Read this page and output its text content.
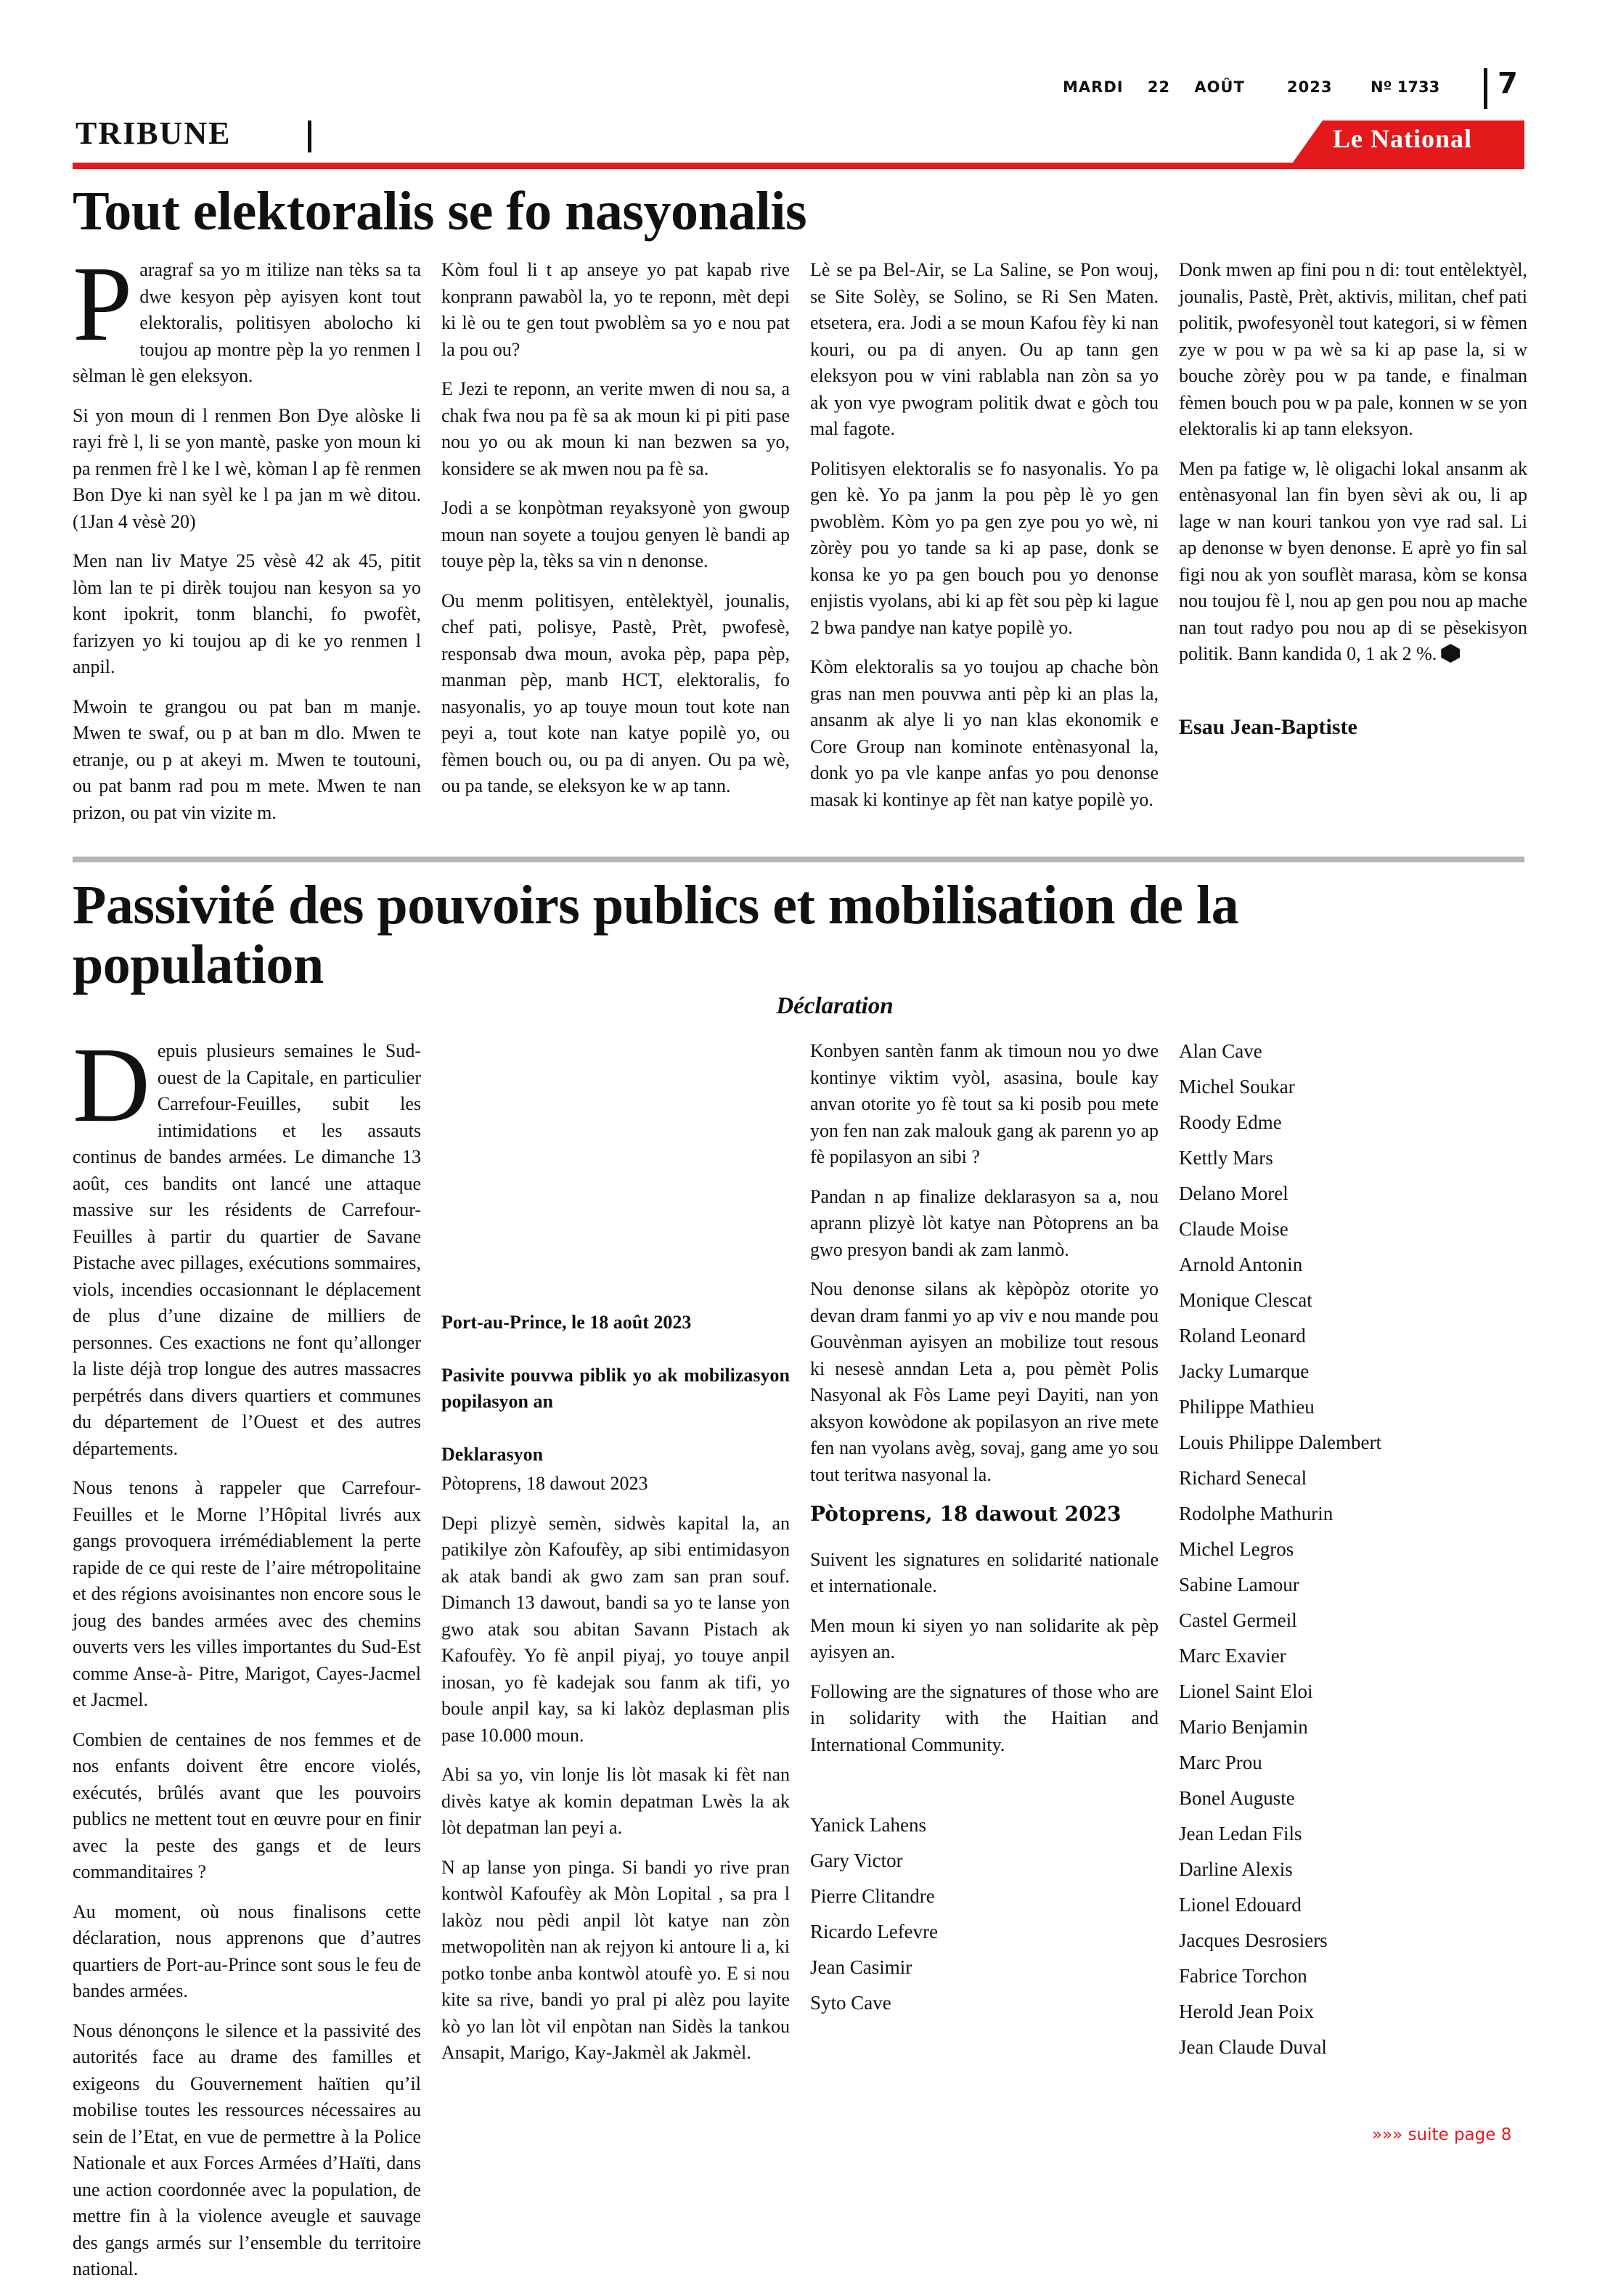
MARDI 22 AOÛT	2023	Nº 1733 7
TRIBUNE	Le National
Tout elektoralis se fo nasyonalis

Paragraf sa yo m itilize nan tèks sa ta dwe kesyon pèp ayisyen kont tout elektoralis, politisyen abolocho ki toujou ap montre pèp la yo renmen l sèlman lè gen eleksyon.

Si yon moun di l renmen Bon Dye alòske li rayi frè l, li se yon mantè, paske yon moun ki pa renmen frè l ke l wè, kòman l ap fè renmen Bon Dye ki nan syèl ke l pa jan m wè ditou. (1Jan 4 vèsè 20)

Men nan liv Matye 25 vèsè 42 ak 45, pitit lòm lan te pi dirèk toujou nan kesyon sa yo kont ipokrit, tonm blanchi, fo pwofèt, farizyen yo ki toujou ap di ke yo renmen l anpil.

Mwoin te grangou ou pat ban m manje. Mwen te swaf, ou p at ban m dlo. Mwen te etranje, ou p at akeyi m. Mwen te toutouni, ou pat banm rad pou m mete. Mwen te nan prizon, ou pat vin vizite m.

Kòm foul li t ap anseye yo pat kapab rive konprann pawabòl la, yo te reponn, mèt depi ki lè ou te gen tout pwoblèm sa yo e nou pat la pou ou?

E Jezi te reponn, an verite mwen di nou sa, a chak fwa nou pa fè sa ak moun ki pi piti pase nou yo ou ak moun ki nan bezwen sa yo, konsidere se ak mwen nou pa fè sa.

Jodi a se konpòtman reyaksyonè yon gwoup moun nan soyete a toujou genyen lè bandi ap touye pèp la, tèks sa vin n denonse.

Ou menm politisyen, entèlektyèl, jounalis, chef pati, polisye, Pastè, Prèt, pwofesè, responsab dwa moun, avoka pèp, papa pèp, manman pèp, manb HCT, elektoralis, fo nasyonalis, yo ap touye moun tout kote nan peyi a, tout kote nan katye popilè yo, ou fèmen bouch ou, ou pa di anyen. Ou pa wè, ou pa tande, se eleksyon ke w ap tann.

Lè se pa Bel-Air, se La Saline, se Pon wouj, se Site Solèy, se Solino, se Ri Sen Maten. etsetera, era. Jodi a se moun Kafou fèy ki nan kouri, ou pa di anyen. Ou ap tann gen eleksyon pou w vini rablabla nan zòn sa yo ak yon vye pwogram politik dwat e gòch tou mal fagote.

Politisyen elektoralis se fo nasyonalis. Yo pa gen kè. Yo pa janm la pou pèp lè yo gen pwoblèm. Kòm yo pa gen zye pou yo wè, ni zòrèy pou yo tande sa ki ap pase, donk se konsa ke yo pa gen bouch pou yo denonse enjistis vyolans, abi ki ap fèt sou pèp ki lague 2 bwa pandye nan katye popilè yo.

Kòm elektoralis sa yo toujou ap chache bòn gras nan men pouvwa anti pèp ki an plas la, ansanm ak alye li yo nan klas ekonomik e Core Group nan kominote entènasyonal la, donk yo pa vle kanpe anfas yo pou denonse masak ki kontinye ap fèt nan katye popilè yo.

Donk mwen ap fini pou n di: tout entèlektyèl, jounalis, Pastè, Prèt, aktivis, militan, chef pati politik, pwofesyonèl tout kategori, si w fèmen zye w pou w pa wè sa ki ap pase la, si w bouche zòrèy pou w pa tande, e finalman fèmen bouch pou w pa pale, konnen w se yon elektoralis ki ap tann eleksyon.

Men pa fatige w, lè oligachi lokal ansanm ak entènasyonal lan fin byen sèvi ak ou, li ap lage w nan kouri tankou yon vye rad sal. Li ap denonse w byen denonse. E aprè yo fin sal figi nou ak yon souflèt marasa, kòm se konsa nou toujou fè l, nou ap gen pou nou ap mache nan tout radyo pou nou ap di se pèsekisyon politik. Bann kandida 0, 1 ak 2 %.

Esau Jean-Baptiste

Passivité des pouvoirs publics et mobilisation de la population
Déclaration

Depuis plusieurs semaines le Sud-ouest de la Capitale, en particulier Carrefour-Feuilles, subit les intimidations et les assauts continus de bandes armées. Le dimanche 13 août, ces bandits ont lancé une attaque massive sur les résidents de Carrefour-Feuilles à partir du quartier de Savane Pistache avec pillages, exécutions sommaires, viols, incendies occasionnant le déplacement de plus d’une dizaine de milliers de personnes. Ces exactions ne font qu’allonger la liste déjà trop longue des autres massacres perpétrés dans divers quartiers et communes du département de l’Ouest et des autres départements.

Nous tenons à rappeler que Carrefour-Feuilles et le Morne l’Hôpital livrés aux gangs provoquera irrémédiablement la perte rapide de ce qui reste de l’aire métropolitaine et des régions avoisinantes non encore sous le joug des bandes armées avec des chemins ouverts vers les villes importantes du Sud-Est comme Anse-à- Pitre, Marigot, Cayes-Jacmel et Jacmel.

Combien de centaines de nos femmes et de nos enfants doivent être encore violés, exécutés, brûlés avant que les pouvoirs publics ne mettent tout en œuvre pour en finir avec la peste des gangs et de leurs commanditaires ?

Au moment, où nous finalisons cette déclaration, nous apprenons que d’autres quartiers de Port-au-Prince sont sous le feu de bandes armées.

Nous dénonçons le silence et la passivité des autorités face au drame des familles et exigeons du Gouvernement haïtien qu’il mobilise toutes les ressources nécessaires au sein de l’Etat, en vue de permettre à la Police Nationale et aux Forces Armées d’Haïti, dans une action coordonnée avec la population, de mettre fin à la violence aveugle et sauvage des gangs armés sur l’ensemble du territoire national.

Port-au-Prince, le 18 août 2023

Pasivite pouvwa piblik yo ak mobilizasyon popilasyon an

Deklarasyon

Pòtoprens, 18 dawout 2023

Depi plizyè semèn, sidwès kapital la, an patikilye zòn Kafoufèy, ap sibi entimidasyon ak atak bandi ak gwo zam san pran souf. Dimanch 13 dawout, bandi sa yo te lanse yon gwo atak sou abitan Savann Pistach ak Kafoufèy. Yo fè anpil piyaj, yo touye anpil inosan, yo fè kadejak sou fanm ak tifi, yo boule anpil kay, sa ki lakòz deplasman plis pase 10.000 moun.

Abi sa yo, vin lonje lis lòt masak ki fèt nan divès katye ak komin depatman Lwès la ak lòt depatman lan peyi a.

N ap lanse yon pinga. Si bandi yo rive pran kontwòl Kafoufèy ak Mòn Lopital , sa pra l lakòz nou pèdi anpil lòt katye nan zòn metwopolitèn nan ak rejyon ki antoure li a, ki potko tonbe anba kontwòl atoufè yo. E si nou kite sa rive, bandi yo pral pi alèz pou layite kò yo lan lòt vil enpòtan nan Sidès la tankou Ansapit, Marigo, Kay-Jakmèl ak Jakmèl.

Konbyen santèn fanm ak timoun nou yo dwe kontinye viktim vyòl, asasina, boule kay anvan otorite yo fè tout sa ki posib pou mete yon fen nan zak malouk gang ak parenn yo ap fè popilasyon an sibi ?

Pandan n ap finalize deklarasyon sa a, nou aprann plizyè lòt katye nan Pòtoprens an ba gwo presyon bandi ak zam lanmò.

Nou denonse silans ak kèpòpòz otorite yo devan dram fanmi yo ap viv e nou mande pou Gouvènman ayisyen an mobilize tout resous ki nesesè anndan Leta a, pou pèmèt Polis Nasyonal ak Fòs Lame peyi Dayiti, nan yon aksyon kowòdone ak popilasyon an rive mete fen nan vyolans avèg, sovaj, gang ame yo sou tout teritwa nasyonal la.

Pòtoprens, 18 dawout 2023

Suivent les signatures en solidarité nationale et internationale.

Men moun ki siyen yo nan solidarite ak pèp ayisyen an.

Following are the signatures of those who are in solidarity with the Haitian and International Community.

Yanick Lahens
Gary Victor
Pierre Clitandre
Ricardo Lefevre
Jean Casimir
Syto Cave
Alan Cave
Michel Soukar
Roody Edme
Kettly Mars
Delano Morel
Claude Moise
Arnold Antonin
Monique Clescat
Roland Leonard
Jacky Lumarque
Philippe Mathieu
Louis Philippe Dalembert
Richard Senecal
Rodolphe Mathurin
Michel Legros
Sabine Lamour
Castel Germeil
Marc Exavier
Lionel Saint Eloi
Mario Benjamin
Marc Prou
Bonel Auguste
Jean Ledan Fils
Darline Alexis
Lionel Edouard
Jacques Desrosiers
Fabrice Torchon
Herold Jean Poix
Jean Claude Duval
»»» suite page 8
